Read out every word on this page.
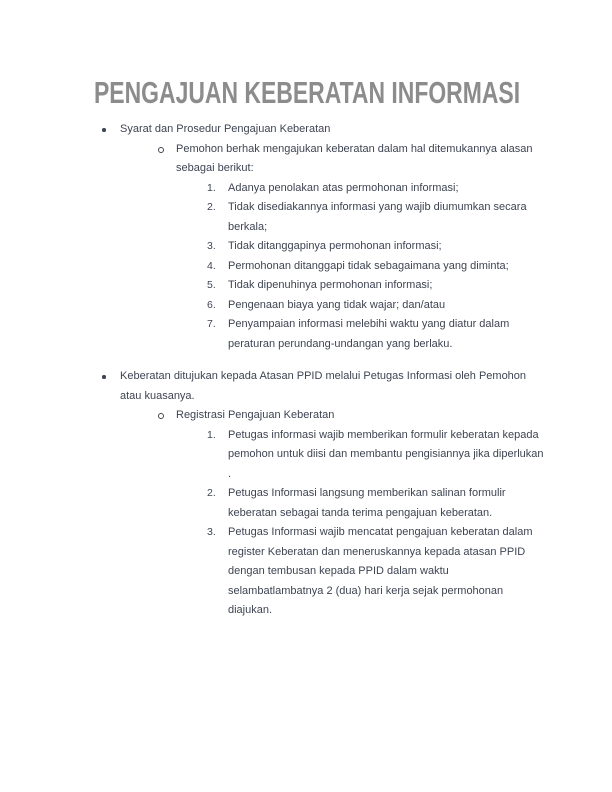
PENGAJUAN KEBERATAN INFORMASI
Syarat dan Prosedur Pengajuan Keberatan
Pemohon berhak mengajukan keberatan dalam hal ditemukannya alasan sebagai berikut:
1.	Adanya penolakan atas permohonan informasi;
2.	Tidak disediakannya informasi yang wajib diumumkan secara berkala;
3.	Tidak ditanggapinya permohonan informasi;
4.	Permohonan ditanggapi tidak sebagaimana yang diminta;
5.	Tidak dipenuhinya permohonan informasi;
6.	Pengenaan biaya yang tidak wajar; dan/atau
7.	Penyampaian informasi melebihi waktu yang diatur dalam peraturan perundang-undangan yang berlaku.
Keberatan ditujukan kepada Atasan PPID melalui Petugas Informasi oleh Pemohon atau kuasanya.
Registrasi Pengajuan Keberatan
1.	Petugas informasi wajib memberikan formulir keberatan kepada pemohon untuk diisi dan membantu pengisiannya jika diperlukan .
2.	Petugas Informasi langsung memberikan salinan formulir keberatan sebagai tanda terima pengajuan keberatan.
3.	Petugas Informasi wajib mencatat pengajuan keberatan dalam register Keberatan dan meneruskannya kepada atasan PPID dengan tembusan kepada PPID dalam waktu selambatlambatnya 2 (dua) hari kerja sejak permohonan diajukan.
